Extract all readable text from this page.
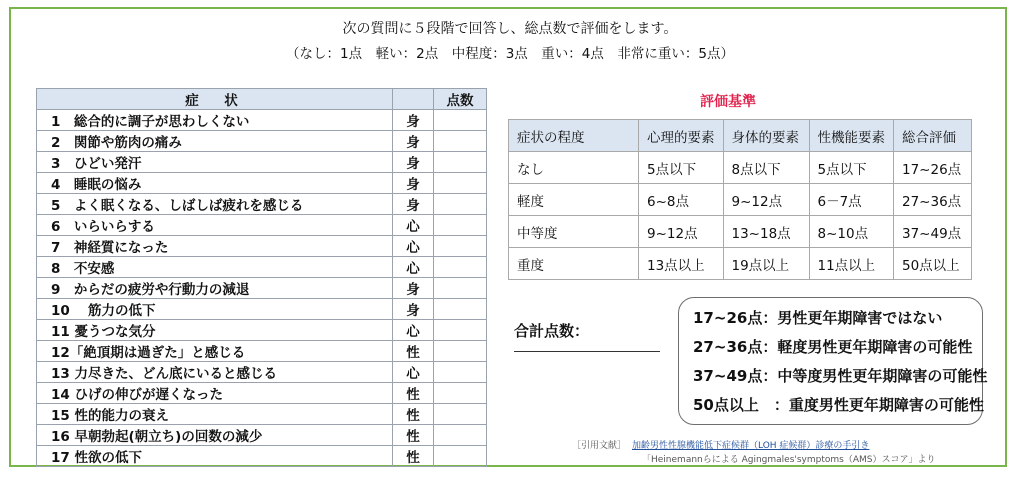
次の質問に５段階で回答し、総点数で評価をします。
（なし：1点　軽い：2点　中程度：3点　重い：4点　非常に重い：5点）
症　状		点数
1　総合的に調子が思わしくない	身	
2　関節や筋肉の痛み	身	
3　ひどい発汗	身	
4　睡眠の悩み	身	
5　よく眠くなる、しばしば疲れを感じる	身	
6　いらいらする	心	
7　神経質になった	心	
8　不安感	心	
9　からだの疲労や行動力の減退	身	
10　 筋力の低下	身	
11 憂うつな気分	心	
12「絶頂期は過ぎた」と感じる	性	
13 力尽きた、どん底にいると感じる	心	
14 ひげの伸びが遅くなった	性	
15 性的能力の衰え	性	
16 早朝勃起(朝立ち)の回数の減少	性	
17 性欲の低下	性	
評価基準
症状の程度	心理的要素	身体的要素	性機能要素	総合評価
なし	5点以下	8点以下	5点以下	17~26点
軽度	6~8点	9~12点	6－7点	27~36点
中等度	9~12点	13~18点	8~10点	37~49点
重度	13点以上	19点以上	11点以上	50点以上
合計点数：
17~26点：男性更年期障害ではない
27~36点：軽度男性更年期障害の可能性
37~49点：中等度男性更年期障害の可能性
50点以上　：重度男性更年期障害の可能性
［引用文献］ 加齢男性性腺機能低下症候群（LOH 症候群）診療の手引き
「Heinemannらによる Agingmales'symptoms（AMS）スコア」より
